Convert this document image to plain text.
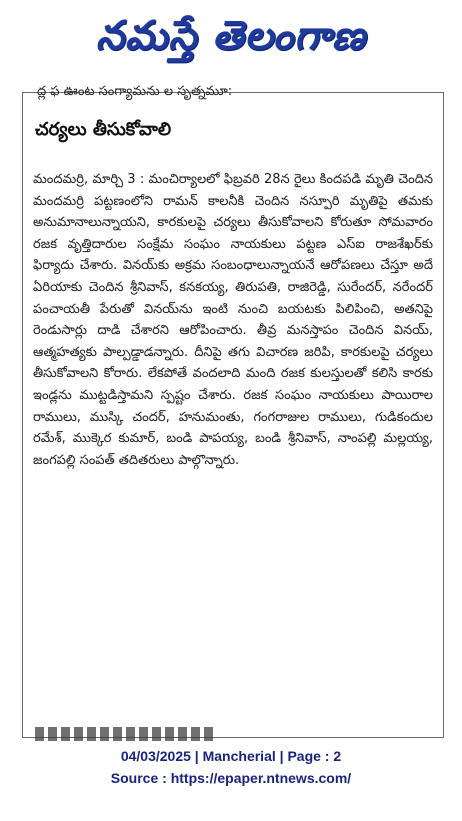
నమస్తే తెలంగాణ
ద్ల ఫ ఊంట సంగ్యామను ల సృత్నమూ:
చర్యలు తీసుకోవాలి

మందమర్రి, మార్చి 3 : మంచిర్యాలలో ఫిబ్రవరి 28న రైలు కిందపడి మృతి చెందిన మందమర్రి పట్టణంలోని రామన్ కాలనీకి చెందిన నస్పూరి మృతిపై తమకు అనుమానాలున్నాయని, కారకులపై చర్యలు తీసుకోవాలని కోరుతూ సోమవారం రజక వృత్తిదారుల సంక్షేమ సంఘం నాయకులు పట్టణ ఎస్ఐ రాజశేఖర్‌కు ఫిర్యాదు చేశారు. వినయ్‌కు అక్రమ సంబంధాలున్నాయనే ఆరోపణలు చేస్తూ అదే ఏరియాకు చెందిన శ్రీనివాస్, కనకయ్య, తిరుపతి, రాజిరెడ్డి, సురేందర్, నరేందర్ పంచాయతీ పేరుతో వినయ్‌ను ఇంటి నుంచి బయటకు పిలిపించి, అతనిపై రెండుసార్లు దాడి చేశారని ఆరోపించారు. తీవ్ర మనస్తాపం చెందిన వినయ్, ఆత్మహత్యకు పాల్పడ్డాడన్నారు. దీనిపై తగు విచారణ జరిపి, కారకులపై చర్యలు తీసుకోవాలని కోరారు. లేకపోతే వందలాది మంది రజక కులస్తులతో కలిసి కారకు ఇండ్లను ముట్టడిస్తామని స్పష్టం చేశారు. రజక సంఘం నాయకులు పాయిరాల రాములు, ముస్కి చందర్, హనుమంతు, గంగరాజుల రాములు, గుడికందుల రమేశ్, ముక్కెర కుమార్, బండి పాపయ్య, బండి శ్రీనివాస్, నాంపల్లి మల్లయ్య, జంగపల్లి సంపత్ తదితరులు పాల్గొన్నారు.

04/03/2025 | Mancherial | Page : 2
Source : https://epaper.ntnews.com/
